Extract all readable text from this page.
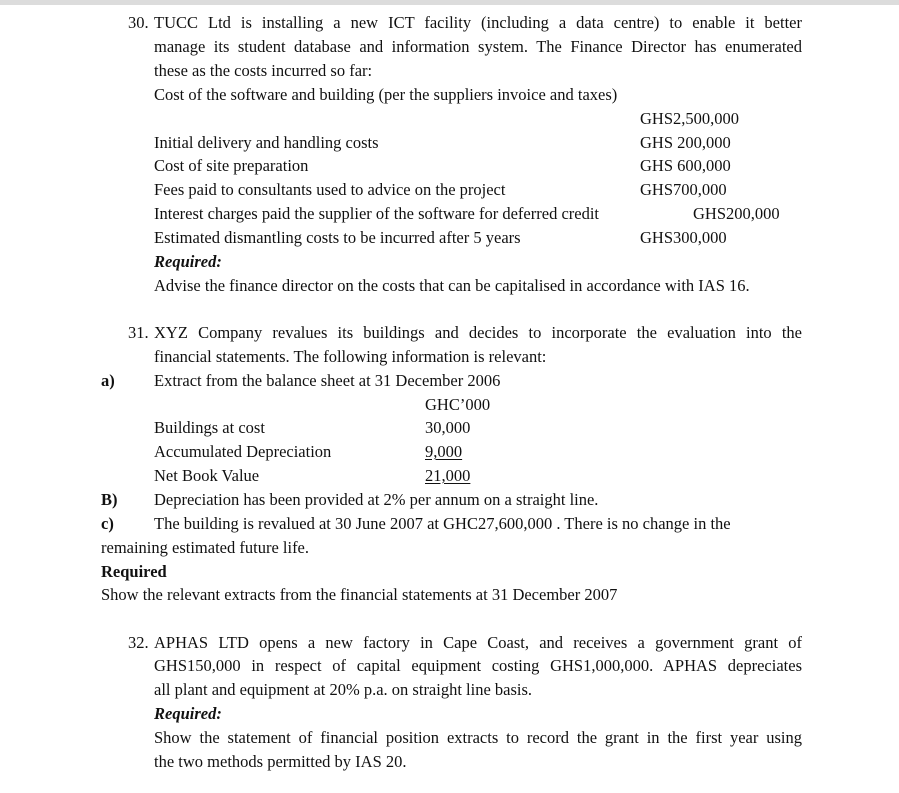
30. TUCC Ltd is installing a new ICT facility (including a data centre) to enable it better
manage its student database and information system. The Finance Director has enumerated
these as the costs incurred so far:
Cost of the software and building (per the suppliers invoice and taxes)
GHS2,500,000
Initial delivery and handling costs	GHS 200,000
Cost of site preparation	GHS 600,000
Fees paid to consultants used to advice on the project	GHS700,000
Interest charges paid the supplier of the software for deferred credit	GHS200,000
Estimated dismantling costs to be incurred after 5 years	GHS300,000
Required:
Advise the finance director on the costs that can be capitalised in accordance with IAS 16.
31. XYZ Company revalues its buildings and decides to incorporate the evaluation into the
financial statements. The following information is relevant:
a) Extract from the balance sheet at 31 December 2006
GHC’000
Buildings at cost	30,000
Accumulated Depreciation	9,000
Net Book Value	21,000
B) Depreciation has been provided at 2% per annum on a straight line.
c) The building is revalued at 30 June 2007 at GHC27,600,000 . There is no change in the
remaining estimated future life.
Required
Show the relevant extracts from the financial statements at 31 December 2007
32. APHAS LTD opens a new factory in Cape Coast, and receives a government grant of
GHS150,000 in respect of capital equipment costing GHS1,000,000. APHAS depreciates
all plant and equipment at 20% p.a. on straight line basis.
Required:
Show the statement of financial position extracts to record the grant in the first year using
the two methods permitted by IAS 20.
